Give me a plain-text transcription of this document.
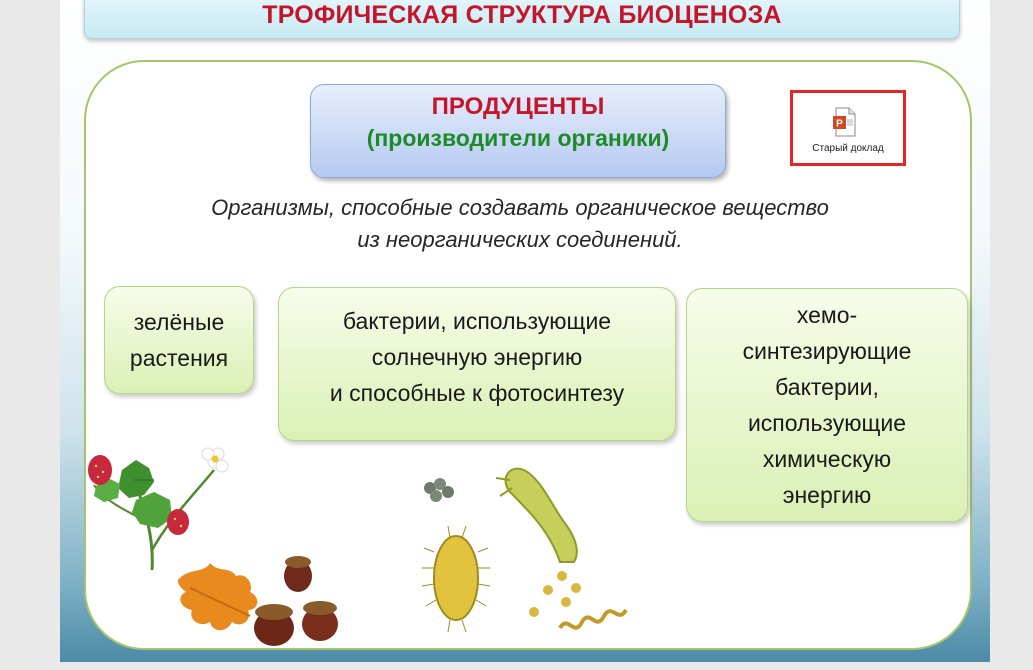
ТРОФИЧЕСКАЯ СТРУКТУРА БИОЦЕНОЗА
ПРОДУЦЕНТЫ
(производители органики)
P
Старый доклад
Организмы, способные создавать органическое вещество из неорганических соединений.
зелёные
растения
бактерии, использующие
солнечную энергию
и способные к фотосинтезу
хемо-
синтезирующие
бактерии,
использующие
химическую
энергию
